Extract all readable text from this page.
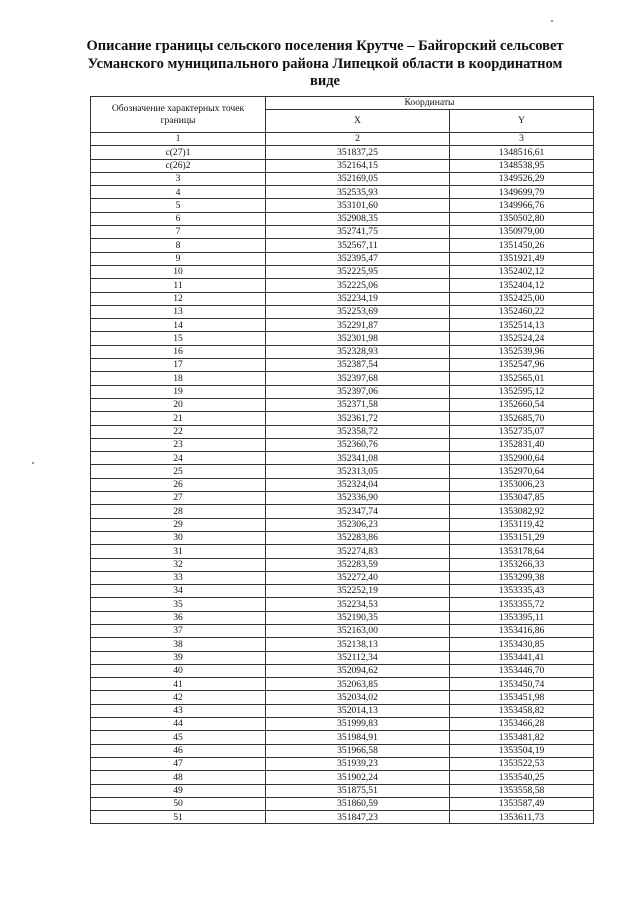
Описание границы сельского поселения Крутче – Байгорский сельсовет
Усманского муниципального района Липецкой области в координатном
виде
Обозначение характерных точек границы	Координаты	
	X	Y
1	2	3
с(27)1	351837,25	1348516,61
с(26)2	352164,15	1348538,95
3	352169,05	1349526,29
4	352535,93	1349699,79
5	353101,60	1349966,76
6	352908,35	1350502,80
7	352741,75	1350979,00
8	352567,11	1351450,26
9	352395,47	1351921,49
10	352225,95	1352402,12
11	352225,06	1352404,12
12	352234,19	1352425,00
13	352253,69	1352460,22
14	352291,87	1352514,13
15	352301,98	1352524,24
16	352328,93	1352539,96
17	352387,54	1352547,96
18	352397,68	1352565,01
19	352397,06	1352595,12
20	352371,58	1352660,54
21	352361,72	1352685,70
22	352358,72	1352735,07
23	352360,76	1352831,40
24	352341,08	1352900,64
25	352313,05	1352970,64
26	352324,04	1353006,23
27	352336,90	1353047,85
28	352347,74	1353082,92
29	352306,23	1353119,42
30	352283,86	1353151,29
31	352274,83	1353178,64
32	352283,59	1353266,33
33	352272,40	1353299,38
34	352252,19	1353335,43
35	352234,53	1353355,72
36	352190,35	1353395,11
37	352163,00	1353416,86
38	352138,13	1353430,85
39	352112,34	1353441,41
40	352094,62	1353446,70
41	352063,85	1353450,74
42	352034,02	1353451,98
43	352014,13	1353458,82
44	351999,83	1353466,28
45	351984,91	1353481,82
46	351966,58	1353504,19
47	351939,23	1353522,53
48	351902,24	1353540,25
49	351875,51	1353558,58
50	351860,59	1353587,49
51	351847,23	1353611,73
